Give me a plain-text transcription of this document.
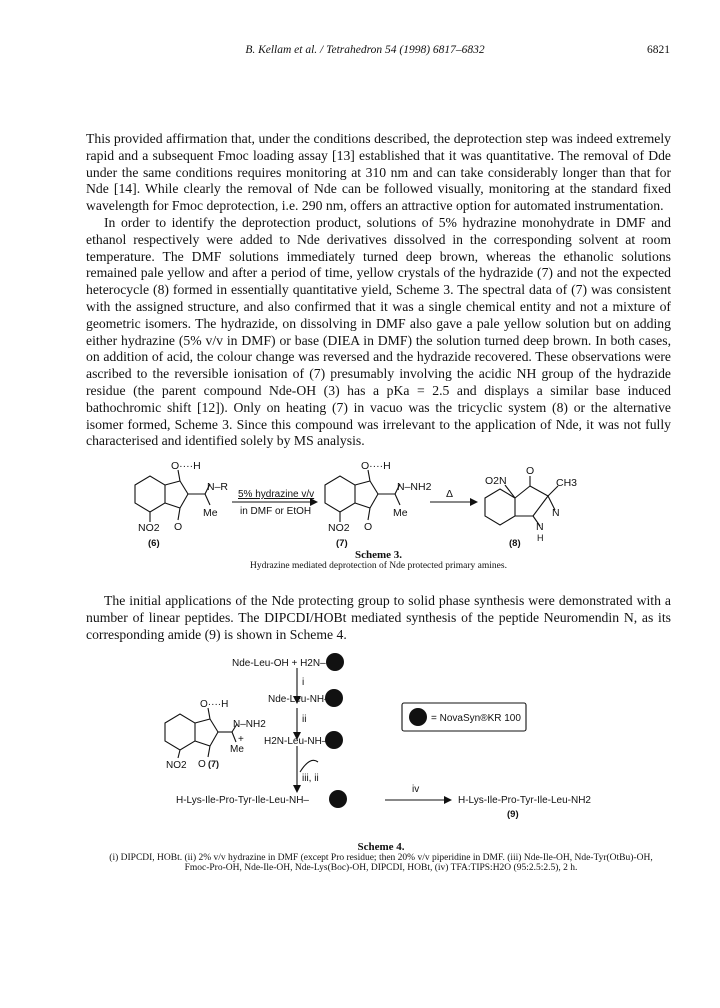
B. Kellam et al. / Tetrahedron 54 (1998) 6817–6832	6821

This provided affirmation that, under the conditions described, the deprotection step was indeed extremely rapid and a subsequent Fmoc loading assay [13] established that it was quantitative. The removal of Dde under the same conditions requires monitoring at 310 nm and can take considerably longer than that for Nde [14]. While clearly the removal of Nde can be followed visually, monitoring at the standard fixed wavelength for Fmoc deprotection, i.e. 290 nm, offers an attractive option for automated instrumentation.

In order to identify the deprotection product, solutions of 5% hydrazine monohydrate in DMF and ethanol respectively were added to Nde derivatives dissolved in the corresponding solvent at room temperature. The DMF solutions immediately turned deep brown, whereas the ethanolic solutions remained pale yellow and after a period of time, yellow crystals of the hydrazide (7) and not the expected heterocycle (8) formed in essentially quantitative yield, Scheme 3. The spectral data of (7) was consistent with the assigned structure, and also confirmed that it was a single chemical entity and not a mixture of geometric isomers. The hydrazide, on dissolving in DMF also gave a pale yellow solution but on adding either hydrazine (5% v/v in DMF) or base (DIEA in DMF) the solution turned deep brown. In both cases, on addition of acid, the colour change was reversed and the hydrazide recovered. These observations were ascribed to the reversible ionisation of (7) presumably involving the acidic NH group of the hydrazide residue (the parent compound Nde-OH (3) has a pKa = 2.5 and displays a similar base induced bathochromic shift [12]). Only on heating (7) in vacuo was the tricyclic system (8) or the alternative isomer formed, Scheme 3. Since this compound was irrelevant to the application of Nde, it was not fully characterised and identified solely by MS analysis.

O····H
N–R
Me
NO2 O
(6)
5% hydrazine v/v
in DMF or EtOH
O····H
N–NH2
Me
NO2 O
(7)
Δ
O2N
O
CH3
N
N
H
(8)
Scheme 3.
Hydrazine mediated deprotection of Nde protected primary amines.

The initial applications of the Nde protecting group to solid phase synthesis were demonstrated with a number of linear peptides. The DIPCDI/HOBt mediated synthesis of the peptide Neuromendin N, as its corresponding amide (9) is shown in Scheme 4.

Nde-Leu-OH + H2N–
i
Nde-Leu-NH–
ii
H2N-Leu-NH–
iii, ii
H-Lys-Ile-Pro-Tyr-Ile-Leu-NH–
iv
H-Lys-Ile-Pro-Tyr-Ile-Leu-NH2
(9)
= NovaSyn®KR 100
O····H
N–NH2
+
Me
NO2 O (7)
Scheme 4.
(i) DIPCDI, HOBt. (ii) 2% v/v hydrazine in DMF (except Pro residue; then 20% v/v piperidine in DMF. (iii) Nde-Ile-OH, Nde-Tyr(OtBu)-OH, Fmoc-Pro-OH, Nde-Ile-OH, Nde-Lys(Boc)-OH, DIPCDI, HOBt, (iv) TFA:TIPS:H2O (95:2.5:2.5), 2 h.
